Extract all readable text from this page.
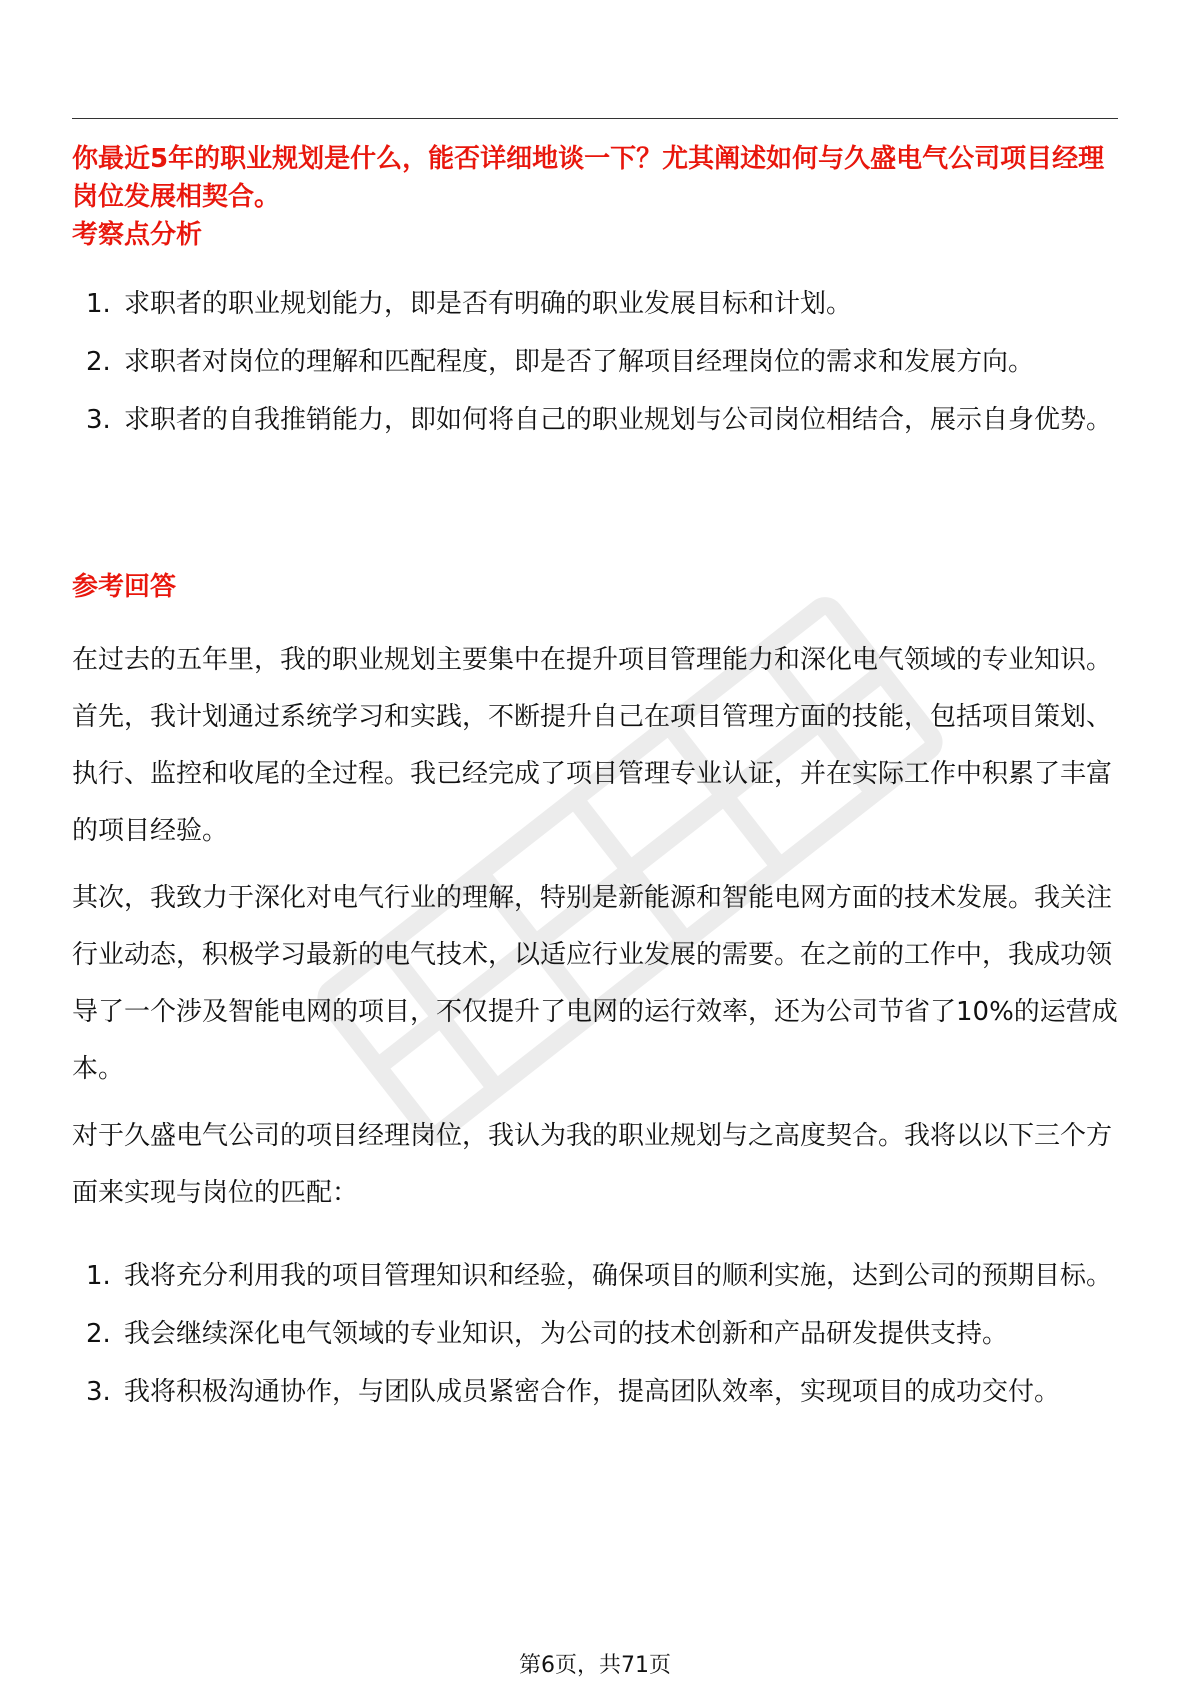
你最近5年的职业规划是什么，能否详细地谈一下？尤其阐述如何与久盛电气公司项目经理岗位发展相契合。

考察点分析
1. 求职者的职业规划能力，即是否有明确的职业发展目标和计划。
2. 求职者对岗位的理解和匹配程度，即是否了解项目经理岗位的需求和发展方向。
3. 求职者的自我推销能力，即如何将自己的职业规划与公司岗位相结合，展示自身优势。
参考回答

在过去的五年里，我的职业规划主要集中在提升项目管理能力和深化电气领域的专业知识。首先，我计划通过系统学习和实践，不断提升自己在项目管理方面的技能，包括项目策划、执行、监控和收尾的全过程。我已经完成了项目管理专业认证，并在实际工作中积累了丰富的项目经验。

其次，我致力于深化对电气行业的理解，特别是新能源和智能电网方面的技术发展。我关注行业动态，积极学习最新的电气技术，以适应行业发展的需要。在之前的工作中，我成功领导了一个涉及智能电网的项目，不仅提升了电网的运行效率，还为公司节省了10%的运营成本。

对于久盛电气公司的项目经理岗位，我认为我的职业规划与之高度契合。我将以以下三个方面来实现与岗位的匹配：

1. 我将充分利用我的项目管理知识和经验，确保项目的顺利实施，达到公司的预期目标。
2. 我会继续深化电气领域的专业知识，为公司的技术创新和产品研发提供支持。
3. 我将积极沟通协作，与团队成员紧密合作，提高团队效率，实现项目的成功交付。
第6页，共71页
